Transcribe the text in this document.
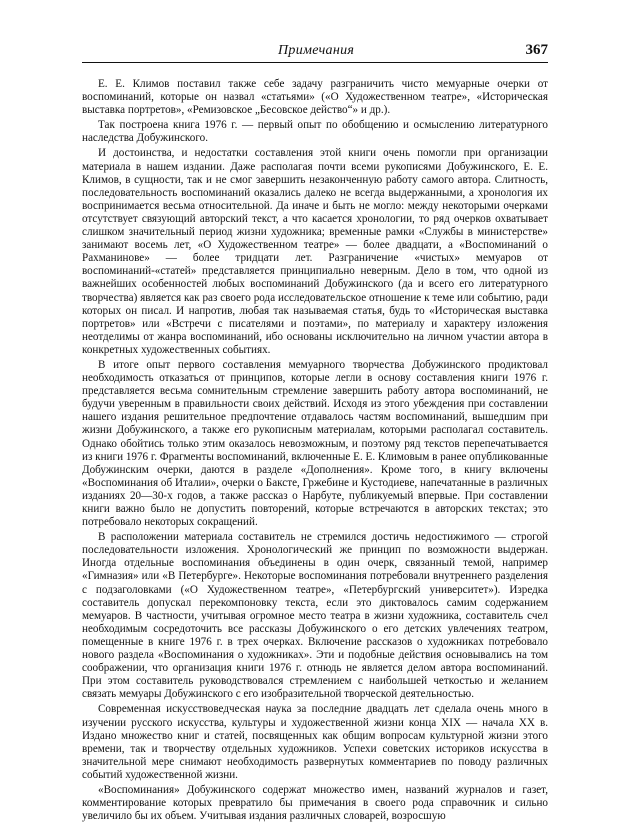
Примечания	367

Е. Е. Климов поставил также себе задачу разграничить чисто мемуарные очерки от воспоминаний, которые он назвал «статьями» («О Художественном театре», «Историческая выставка портретов», «Ремизовское „Бесовское действо“» и др.).

Так построена книга 1976 г. — первый опыт по обобщению и осмыслению литературного наследства Добужинского.

И достоинства, и недостатки составления этой книги очень помогли при организации материала в нашем издании. Даже располагая почти всеми рукописями Добужинского, Е. Е. Климов, в сущности, так и не смог завершить незаконченную работу самого автора. Слитность, последовательность воспоминаний оказались далеко не всегда выдержанными, а хронология их воспринимается весьма относительной. Да иначе и быть не могло: между некоторыми очерками отсутствует связующий авторский текст, а что касается хронологии, то ряд очерков охватывает слишком значительный период жизни художника; временные рамки «Службы в министерстве» занимают восемь лет, «О Художественном театре» — более двадцати, а «Воспоминаний о Рахманинове» — более тридцати лет. Разграничение «чистых» мемуаров от воспоминаний-«статей» представляется принципиально неверным. Дело в том, что одной из важнейших особенностей любых воспоминаний Добужинского (да и всего его литературного творчества) является как раз своего рода исследовательское отношение к теме или событию, ради которых он писал. И напротив, любая так называемая статья, будь то «Историческая выставка портретов» или «Встречи с писателями и поэтами», по материалу и характеру изложения неотделимы от жанра воспоминаний, ибо основаны исключительно на личном участии автора в конкретных художественных событиях.

В итоге опыт первого составления мемуарного творчества Добужинского продиктовал необходимость отказаться от принципов, которые легли в основу составления книги 1976 г. представляется весьма сомнительным стремление завершить работу автора воспоминаний, не будучи уверенным в правильности своих действий. Исходя из этого убеждения при составлении нашего издания решительное предпочтение отдавалось частям воспоминаний, вышедшим при жизни Добужинского, а также его рукописным материалам, которыми располагал составитель. Однако обойтись только этим оказалось невозможным, и поэтому ряд текстов перепечатывается из книги 1976 г. Фрагменты воспоминаний, включенные Е. Е. Климовым в ранее опубликованные Добужинским очерки, даются в разделе «Дополнения». Кроме того, в книгу включены «Воспоминания об Италии», очерки о Баксте, Гржебине и Кустодиеве, напечатанные в различных изданиях 20—30-х годов, а также рассказ о Нарбуте, публикуемый впервые. При составлении книги важно было не допустить повторений, которые встречаются в авторских текстах; это потребовало некоторых сокращений.

В расположении материала составитель не стремился достичь недостижимого — строгой последовательности изложения. Хронологический же принцип по возможности выдержан. Иногда отдельные воспоминания объединены в один очерк, связанный темой, например «Гимназия» или «В Петербурге». Некоторые воспоминания потребовали внутреннего разделения с подзаголовками («О Художественном театре», «Петербургский университет»). Изредка составитель допускал перекомпоновку текста, если это диктовалось самим содержанием мемуаров. В частности, учитывая огромное место театра в жизни художника, составитель счел необходимым сосредоточить все рассказы Добужинского о его детских увлечениях театром, помещенные в книге 1976 г. в трех очерках. Включение рассказов о художниках потребовало нового раздела «Воспоминания о художниках». Эти и подобные действия основывались на том соображении, что организация книги 1976 г. отнюдь не является делом автора воспоминаний. При этом составитель руководствовался стремлением с наибольшей четкостью и желанием связать мемуары Добужинского с его изобразительной творческой деятельностью.

Современная искусствоведческая наука за последние двадцать лет сделала очень много в изучении русского искусства, культуры и художественной жизни конца XIX — начала XX в. Издано множество книг и статей, посвященных как общим вопросам культурной жизни этого времени, так и творчеству отдельных художников. Успехи советских историков искусства в значительной мере снимают необходимость развернутых комментариев по поводу различных событий художественной жизни.

«Воспоминания» Добужинского содержат множество имен, названий журналов и газет, комментирование которых превратило бы примечания в своего рода справочник и сильно увеличило бы их объем. Учитывая издания различных словарей, возросшую
